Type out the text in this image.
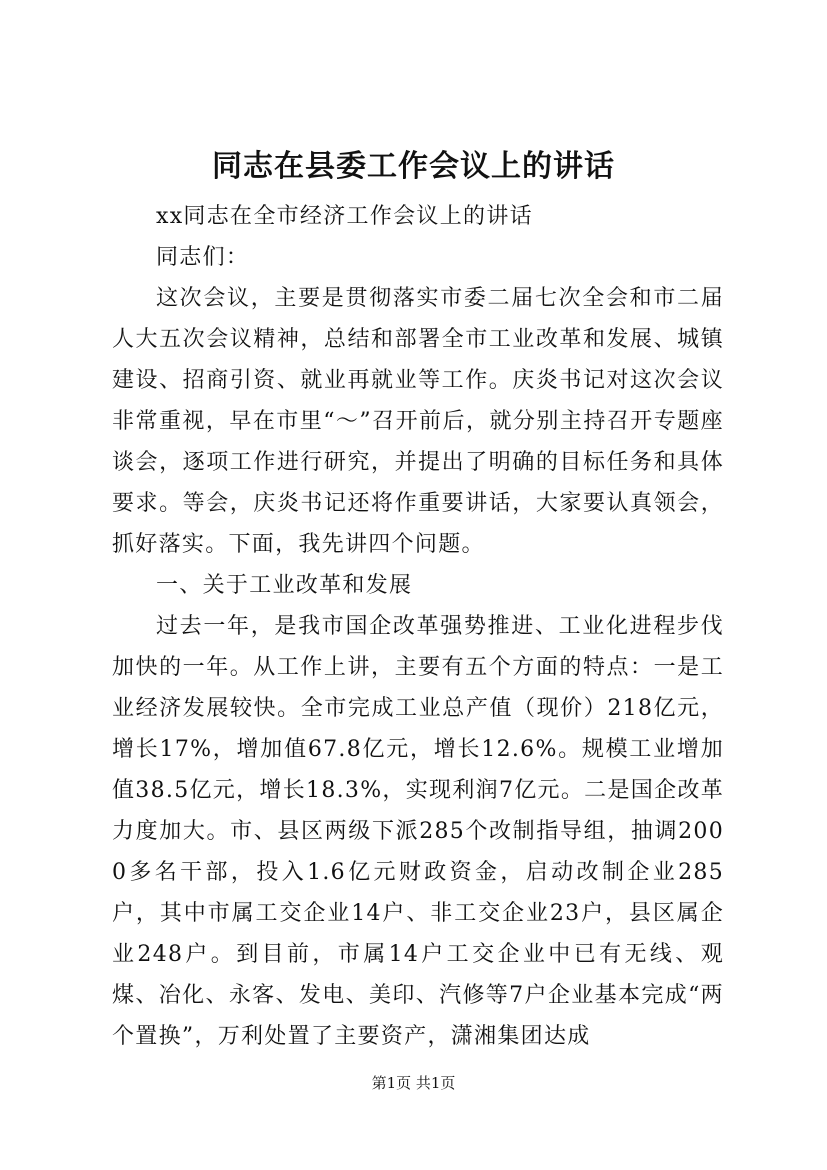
同志在县委工作会议上的讲话

xx同志在全市经济工作会议上的讲话

同志们：

这次会议，主要是贯彻落实市委二届七次全会和市二届人大五次会议精神，总结和部署全市工业改革和发展、城镇建设、招商引资、就业再就业等工作。庆炎书记对这次会议非常重视，早在市里“～”召开前后，就分别主持召开专题座谈会，逐项工作进行研究，并提出了明确的目标任务和具体要求。等会，庆炎书记还将作重要讲话，大家要认真领会，抓好落实。下面，我先讲四个问题。

一、关于工业改革和发展

过去一年，是我市国企改革强势推进、工业化进程步伐加快的一年。从工作上讲，主要有五个方面的特点：一是工业经济发展较快。全市完成工业总产值（现价）218亿元，增长17%，增加值67.8亿元，增长12.6%。规模工业增加值38.5亿元，增长18.3%，实现利润7亿元。二是国企改革力度加大。市、县区两级下派285个改制指导组，抽调2000多名干部，投入1.6亿元财政资金，启动改制企业285户，其中市属工交企业14户、非工交企业23户，县区属企业248户。到目前，市属14户工交企业中已有无线、观煤、冶化、永客、发电、美印、汽修等7户企业基本完成“两个置换”，万利处置了主要资产，潇湘集团达成

第1页 共1页
